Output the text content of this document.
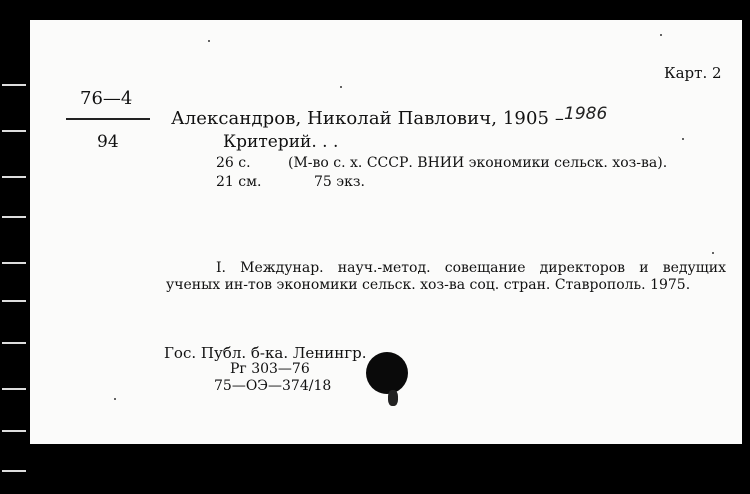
Карт. 2
76—4
94
Александров, Николай Павлович, 1905 – 1986
Критерий. . .
26 с.	(М-во с. х. СССР. ВНИИ экономики сельск. хоз-ва).
21 см.	75 экз.
I. Междунар. науч.-метод. совещание директоров и ведущих ученых ин-тов экономики сельск. хоз-ва соц. стран. Ставрополь. 1975.
Гос. Публ. б-ка. Ленингр.
Рг 303—76
75—ОЭ—374/18
